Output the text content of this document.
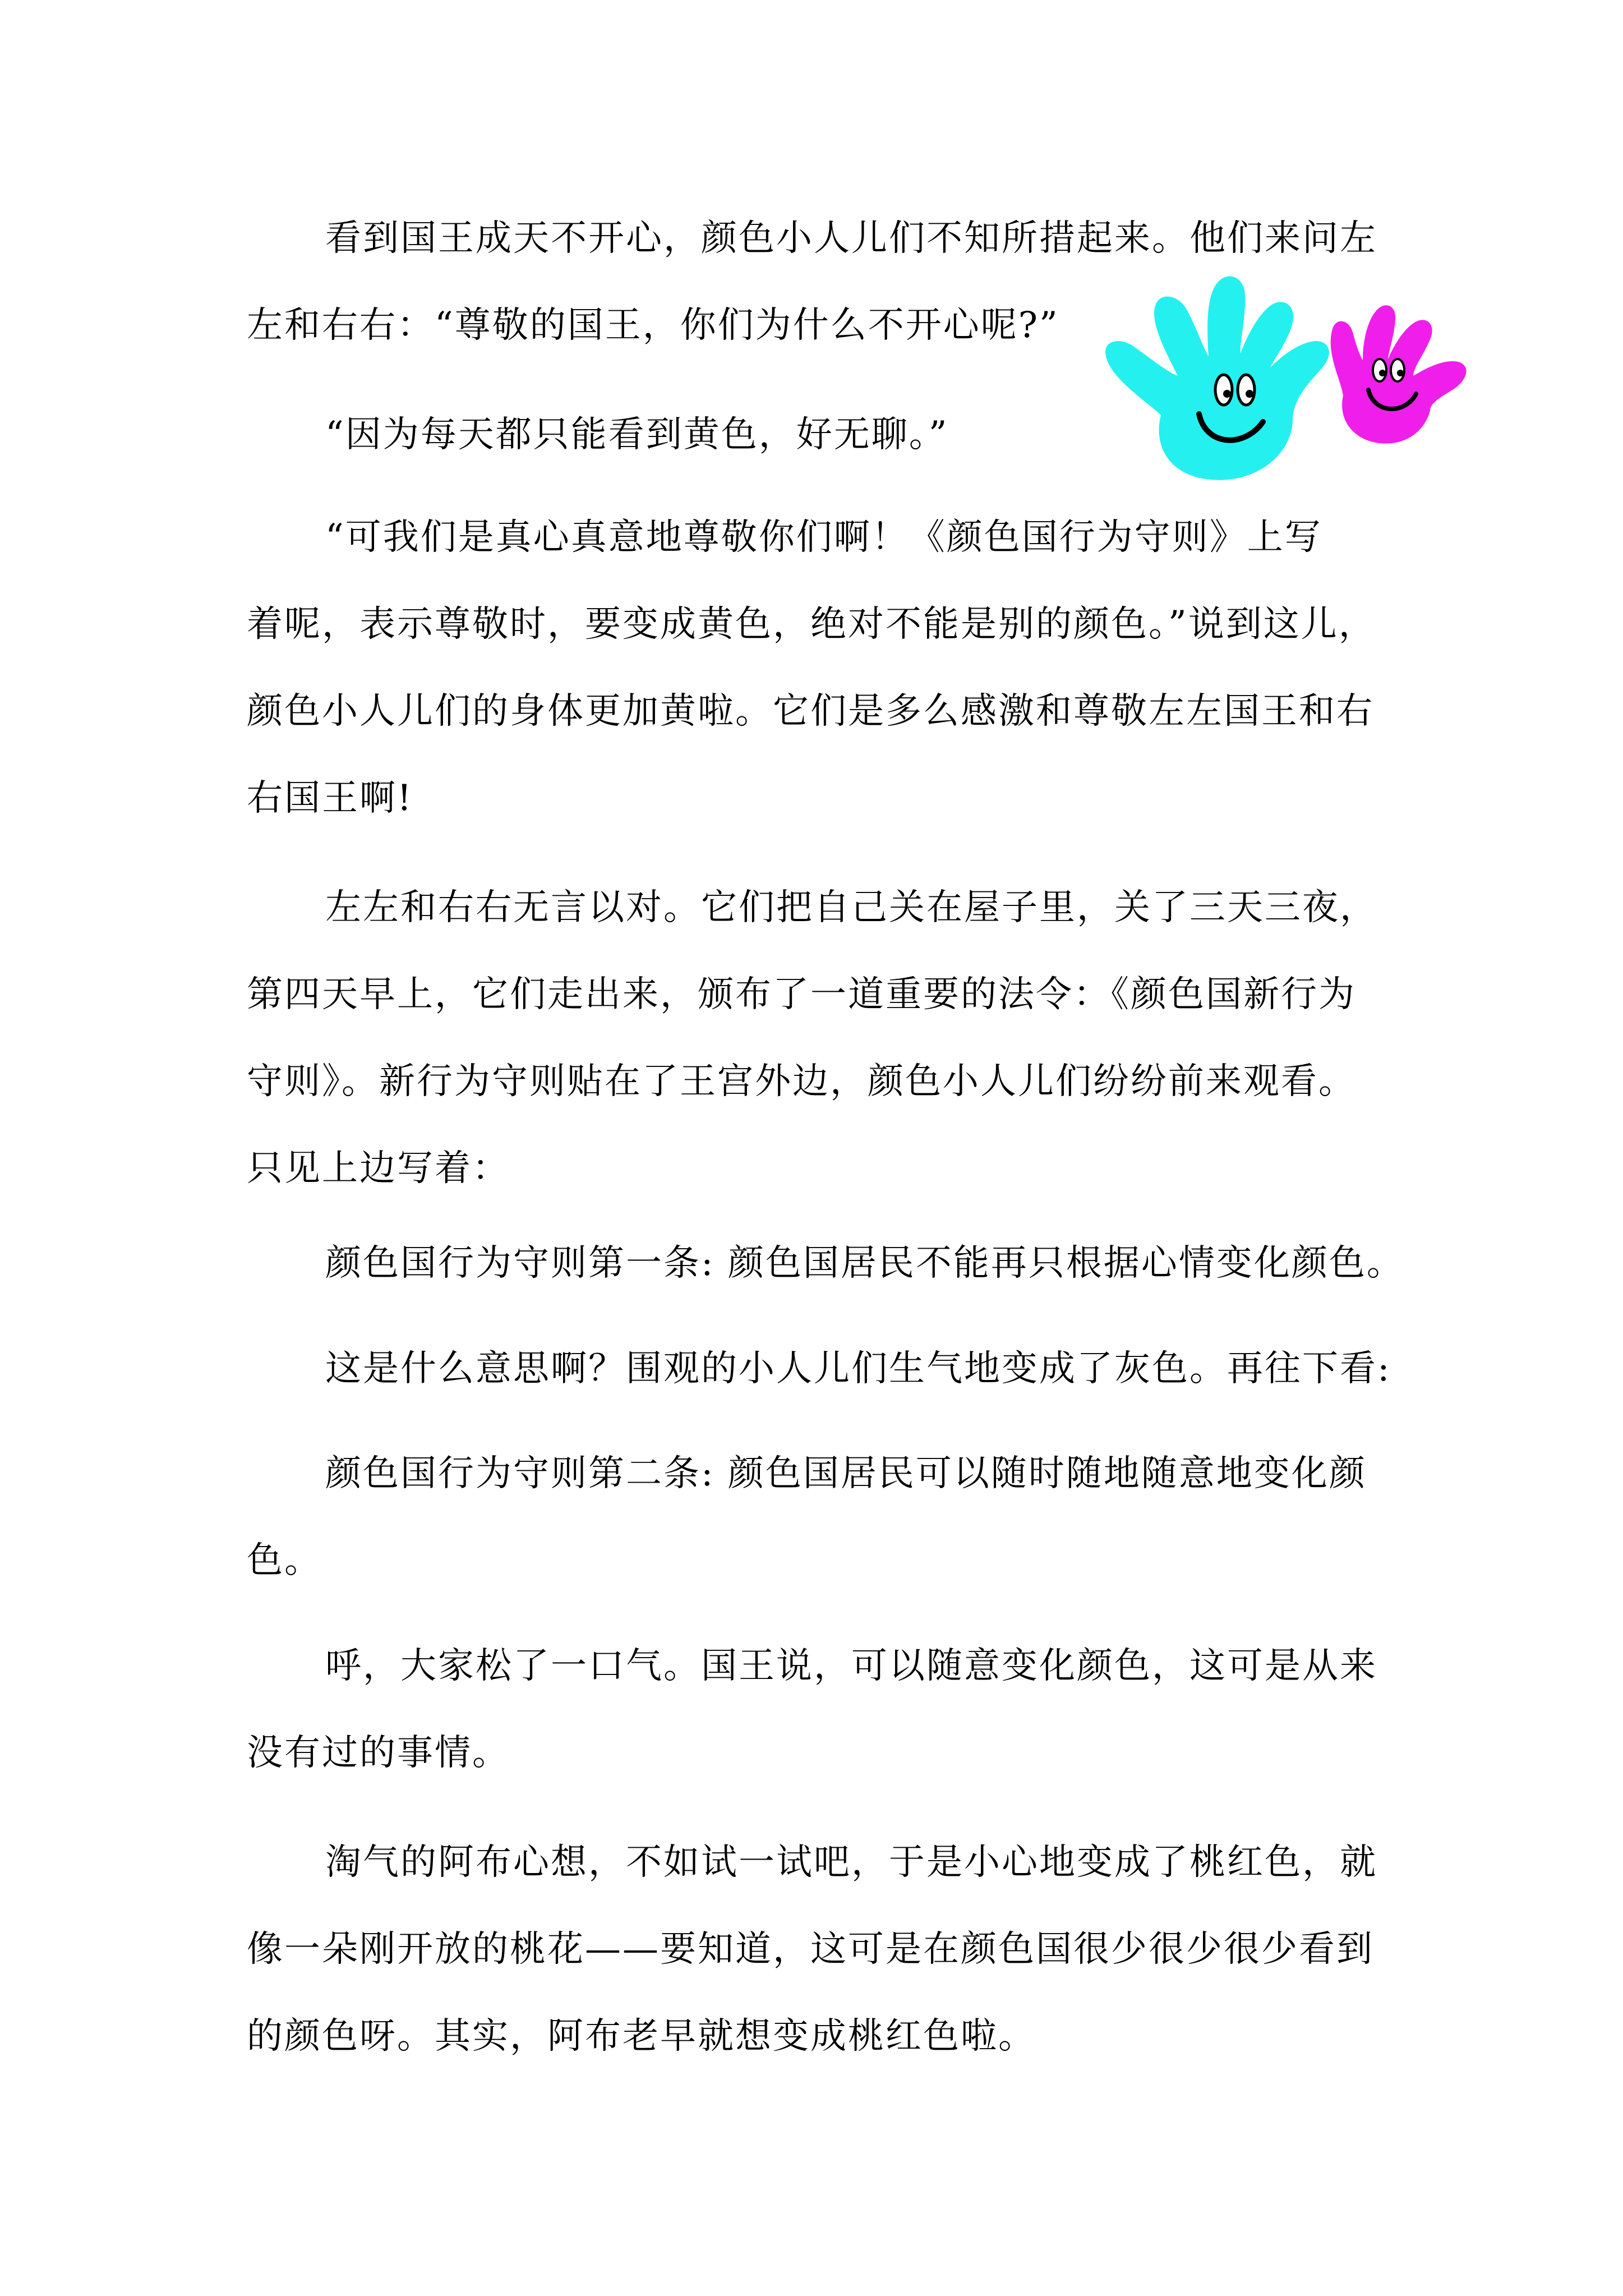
看到国王成天不开心，颜色小人儿们不知所措起来。他们来问左
左和右右：“尊敬的国王，你们为什么不开心呢?”
“因为每天都只能看到黄色，好无聊。”
“可我们是真心真意地尊敬你们啊！《颜色国行为守则》上写
着呢，表示尊敬时，要变成黄色，绝对不能是别的颜色。”说到这儿，
颜色小人儿们的身体更加黄啦。它们是多么感激和尊敬左左国王和右
右国王啊!
左左和右右无言以对。它们把自己关在屋子里，关了三天三夜，
第四天早上，它们走出来，颁布了一道重要的法令：《颜色国新行为
守则》。新行为守则贴在了王宫外边，颜色小人儿们纷纷前来观看。
只见上边写着：
颜色国行为守则第一条: 颜色国居民不能再只根据心情变化颜色。
这是什么意思啊？围观的小人儿们生气地变成了灰色。再往下看:
颜色国行为守则第二条: 颜色国居民可以随时随地随意地变化颜
色。
呼，大家松了一口气。国王说，可以随意变化颜色，这可是从来
没有过的事情。
淘气的阿布心想，不如试一试吧，于是小心地变成了桃红色，就
像一朵刚开放的桃花——要知道，这可是在颜色国很少很少很少看到
的颜色呀。其实，阿布老早就想变成桃红色啦。
